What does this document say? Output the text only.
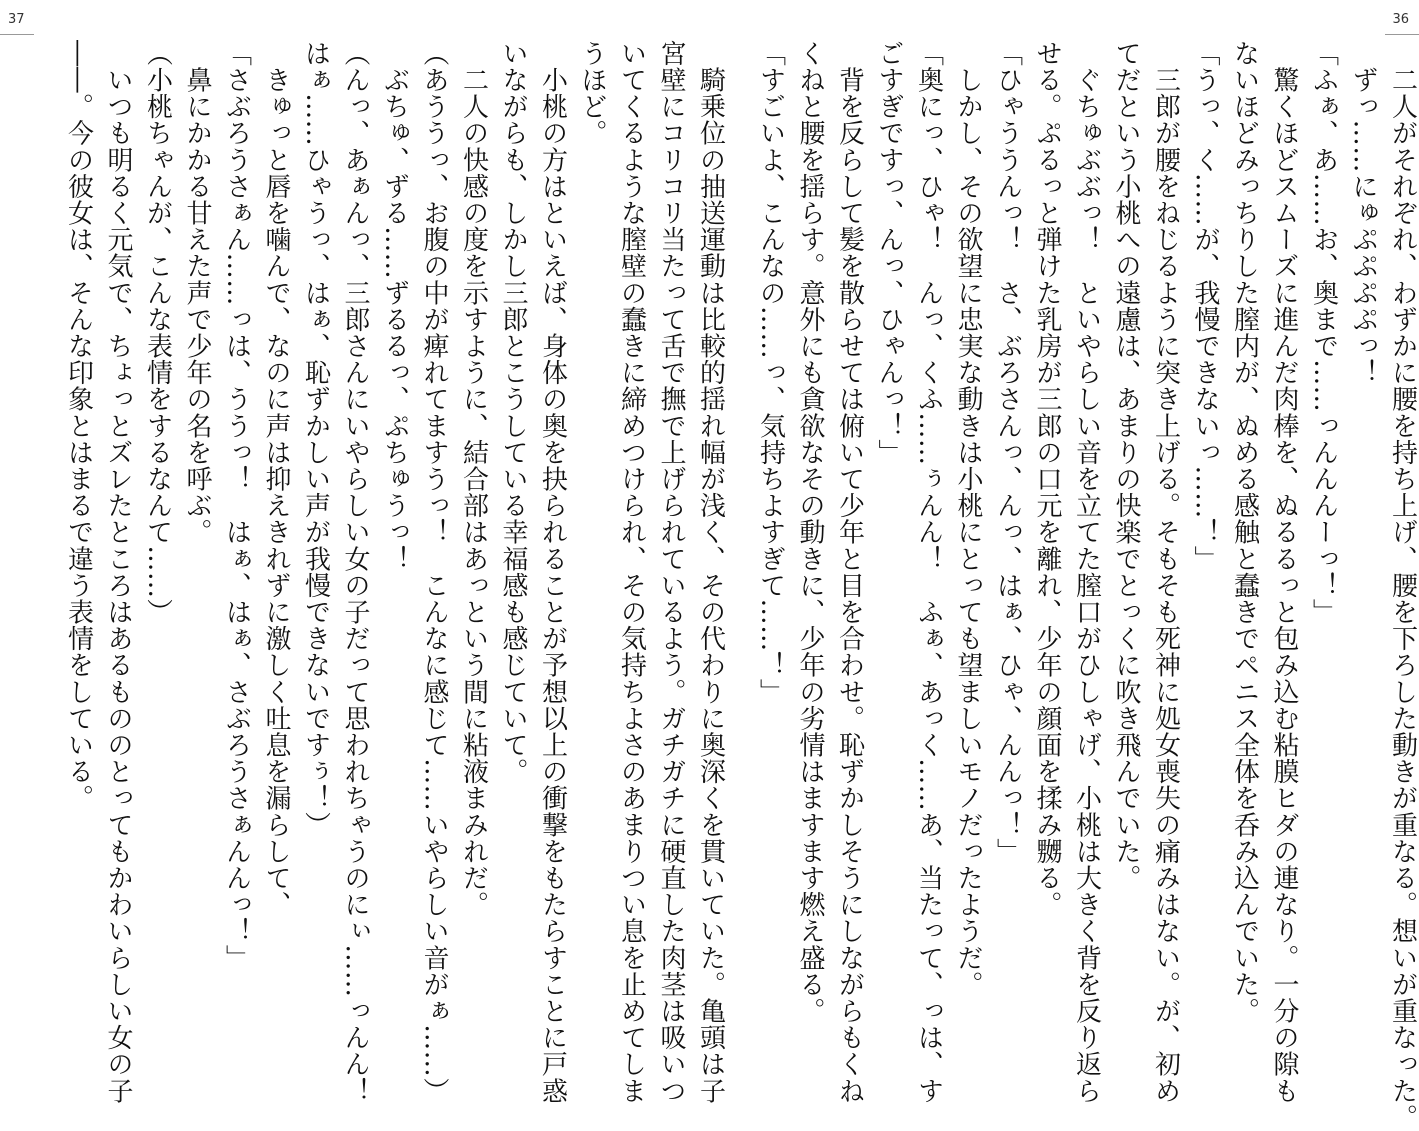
37	36
　騎乗位の抽送運動は比較的揺れ幅が浅く、その代わりに奥深くを貫いていた。亀頭は子
宮壁にコリコリ当たって舌で撫で上げられているよう。ガチガチに硬直した肉茎は吸いつ
いてくるような膣壁の蠢きに締めつけられ、その気持ちよさのあまりつい息を止めてしま
うほど。
　小桃の方はといえば、身体の奥を抉られることが予想以上の衝撃をもたらすことに戸惑
いながらも、しかし三郎とこうしている幸福感も感じていて。
　二人の快感の度を示すように、結合部はあっという間に粘液まみれだ。
（あううっ、お腹の中が痺れてますうっ！　こんなに感じて……いやらしい音がぁ……）
　ぶちゅ、ずる……ずるるっ、ぷちゅうっ！
（んっ、あぁんっ、三郎さんにいやらしい女の子だって思われちゃうのにぃ……っんん！
はぁ……ひゃうっ、はぁ、恥ずかしい声が我慢できないですぅ！）
　きゅっと唇を噛んで、なのに声は抑えきれずに激しく吐息を漏らして、
「さぶろうさぁん……っは、ううっ！　はぁ、はぁ、さぶろうさぁんんっ！」
　鼻にかかる甘えた声で少年の名を呼ぶ。
（小桃ちゃんが、こんな表情をするなんて……）
　いつも明るく元気で、ちょっとズレたところはあるもののとってもかわいらしい女の子
――。今の彼女は、そんな印象とはまるで違う表情をしている。	　二人がそれぞれ、わずかに腰を持ち上げ、腰を下ろした動きが重なる。想いが重なった。
　ずっ……にゅぷぷぷぷっ！
「ふぁ、あ……お、奥まで……っんんんーっ！」
　驚くほどスムーズに進んだ肉棒を、ぬるるっと包み込む粘膜ヒダの連なり。一分の隙も
ないほどみっちりした膣内が、ぬめる感触と蠢きでペニス全体を呑み込んでいた。
「うっ、く……が、我慢できないっ……！」
　三郎が腰をねじるように突き上げる。そもそも死神に処女喪失の痛みはない。が、初め
てだという小桃への遠慮は、あまりの快楽でとっくに吹き飛んでいた。
　ぐちゅぶぶっ！　といやらしい音を立てた膣口がひしゃげ、小桃は大きく背を反り返ら
せる。ぷるっと弾けた乳房が三郎の口元を離れ、少年の顔面を揉み嬲る。
「ひゃううんっ！　さ、ぶろさんっ、んっ、はぁ、ひゃ、んんっ！」
　しかし、その欲望に忠実な動きは小桃にとっても望ましいモノだったようだ。
「奥にっ、ひゃ！　んっ、くふ……ぅんん！　ふぁ、あっく……あ、当たって、っは、す
ごすぎですっ、んっ、ひゃんっ！」
　背を反らして髪を散らせては俯いて少年と目を合わせ。恥ずかしそうにしながらもくね
くねと腰を揺らす。意外にも貪欲なその動きに、少年の劣情はますます燃え盛る。
「すごいよ、こんなの……っ、気持ちよすぎて……！」
